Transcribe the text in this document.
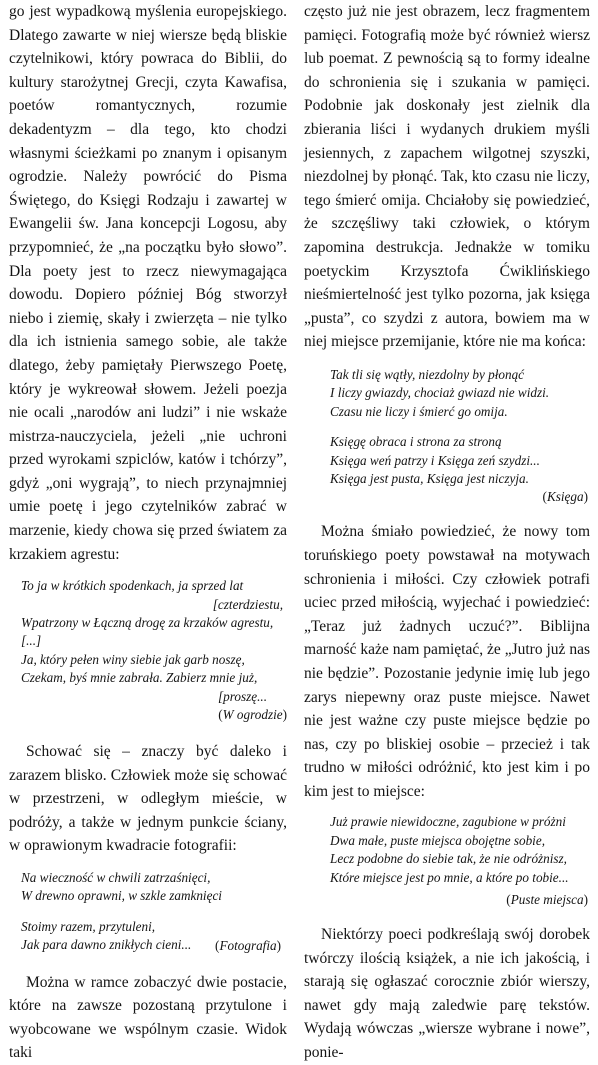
go jest wypadkową myślenia europejskiego. Dlatego zawarte w niej wierszе będą bliskie czytelnikowi, który powraca do Biblii, do kultury starożytnej Grecji, czyta Kawafisa, poetów romantycznych, rozumie dekadentyzm – dla tego, kto chodzi własnymi ścieżkami po znanym i opisanym ogrodzie. Należy powrócić do Pisma Świętego, do Księgi Rodzaju i zawartej w Ewangelii św. Jana koncepcji Logosu, aby przypomnieć, że „na początku było słowo”. Dla poety jest to rzecz niewymagająca dowodu. Dopiero później Bóg stworzył niebo i ziemię, skały i zwierzęta – nie tylko dla ich istnienia samego sobie, ale także dlatego, żeby pamiętały Pierwszego Poetę, który je wykreował słowem. Jeżeli poezja nie ocali „narodów ani ludzi” i nie wskaże mistrza-nauczyciela, jeżeli „nie uchroni przed wyrokami szpiclów, katów i tchórzy”, gdyż „oni wygrają”, to niech przynajmniej umie poetę i jego czytelników zabrać w marzenie, kiedy chowa się przed światem za krzakiem agrestu:

To ja w krótkich spodenkach, ja sprzed lat
[czterdziestu,
Wpatrzony w Łączną drogę za krzaków agrestu,
[...]
Ja, który pełen winy siebie jak garb noszę,
Czekam, byś mnie zabrała. Zabierz mnie już,
[proszę...
(W ogrodzie)

Schować się – znaczy być daleko i zarazem blisko. Człowiek może się schować w przestrzeni, w odległym mieście, w podróży, a także w jednym punkcie ściany, w oprawionym kwadracie fotografii:

Na wieczność w chwili zatrzaśnięci,
W drewno oprawni, w szkle zamknięci
Stoimy razem, przytuleni,
Jak para dawno znikłych cieni...	(Fotografia)

Można w ramce zobaczyć dwie postacie, które na zawsze pozostaną przytulone i wyobcowane we wspólnym czasie. Widok taki

często już nie jest obrazem, lecz fragmentem pamięci. Fotografią może być również wiersz lub poemat. Z pewnością są to formy idealne do schronienia się i szukania w pamięci. Podobnie jak doskonały jest zielnik dla zbierania liści i wydanych drukiem myśli jesiennych, z zapachem wilgotnej szyszki, niezdolnej by płonąć. Tak, kto czasu nie liczy, tego śmierć omija. Chciałoby się powiedzieć, że szczęśliwy taki człowiek, o którym zapomina destrukcja. Jednakże w tomiku poetyckim Krzysztofa Ćwiklińskiego nieśmiertelność jest tylko pozorna, jak księga „pusta”, co szydzi z autora, bowiem ma w niej miejsce przemijanie, które nie ma końca:

Tak tli się wątły, niezdolny by płonąć
I liczy gwiazdy, chociaż gwiazd nie widzi.
Czasu nie liczy i śmierć go omija.
Księgę obraca i strona za stroną
Księga weń patrzy i Księga zeń szydzi...
Księga jest pusta, Księga jest niczyja.
(Księga)

Można śmiało powiedzieć, że nowy tom toruńskiego poety powstawał na motywach schronienia i miłości. Czy człowiek potrafi uciec przed miłością, wyjechać i powiedzieć: „Teraz już żadnych uczuć?”. Biblijna marność każe nam pamiętać, że „Jutro już nas nie będzie”. Pozostanie jedynie imię lub jego zarys niepewny oraz puste miejsce. Nawet nie jest ważne czy puste miejsce będzie po nas, czy po bliskiej osobie – przecież i tak trudno w miłości odróżnić, kto jest kim i po kim jest to miejsce:

Już prawie niewidoczne, zagubione w próżni
Dwa małe, puste miejsca obojętne sobie,
Lecz podobne do siebie tak, że nie odróżnisz,
Które miejsce jest po mnie, a które po tobie...
(Puste miejsca)

Niektórzy poeci podkreślają swój dorobek twórczy ilością książek, a nie ich jakością, i starają się ogłaszać corocznie zbiór wierszy, nawet gdy mają zaledwie parę tekstów. Wydają wówczas „wiersze wybrane i nowe”, ponie-
